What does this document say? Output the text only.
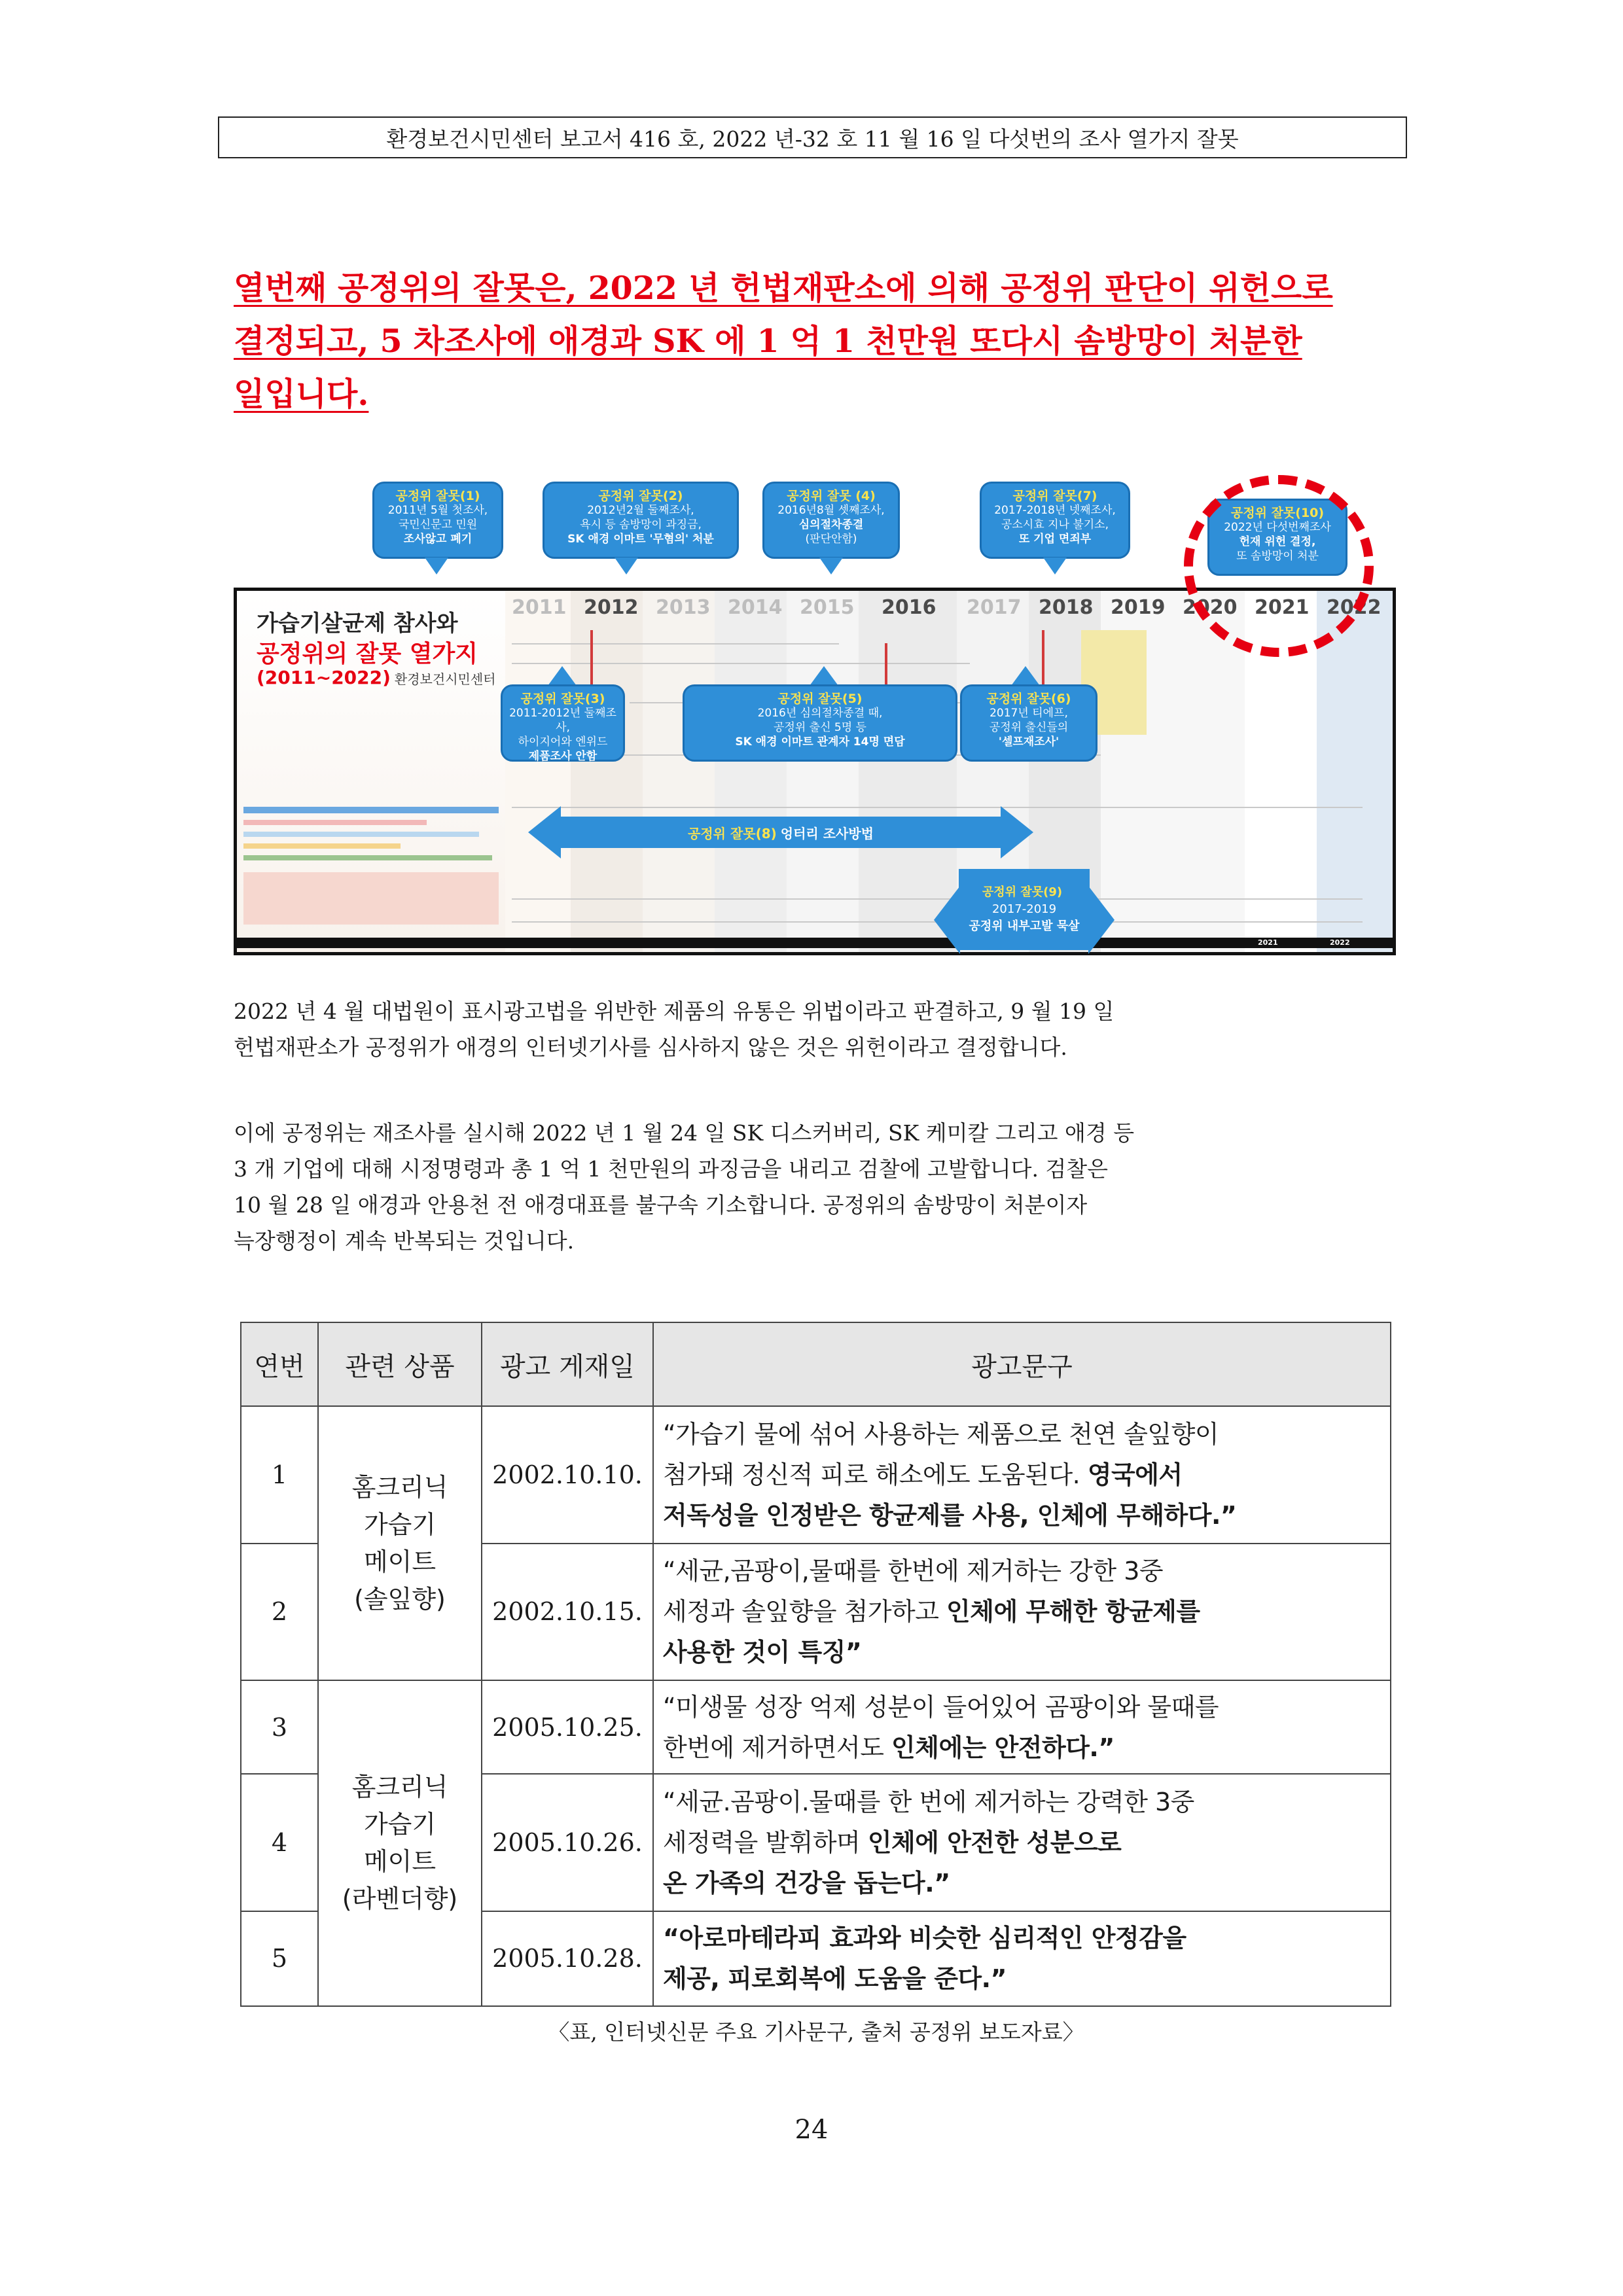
환경보건시민센터 보고서 416 호, 2022 년-32 호 11 월 16 일 다섯번의 조사 열가지 잘못
열번째 공정위의 잘못은, 2022 년 헌법재판소에 의해 공정위 판단이 위헌으로
결정되고, 5 차조사에 애경과 SK 에 1 억 1 천만원 또다시 솜방망이 처분한
일입니다.
가습기살균제 참사와
공정위의 잘못 열가지
(2011~2022) 환경보건시민센터
2011 2012 2013 2014 2015 2016 2017 2018 2019 2020 2021 2022
2021	2022
공정위 잘못(1)
2011년 5월 첫조사,
국민신문고 민원
조사않고 폐기
공정위 잘못(2)
2012년2월 둘째조사,
욕시 등 솜방망이 과징금,
SK 애경 이마트 '무혐의' 처분
공정위 잘못 (4)
2016년8월 셋째조사,
심의절차종결
(판단안함)
공정위 잘못(7)
2017-2018년 넷째조사,
공소시효 지나 불기소,
또 기업 면죄부
공정위 잘못(10)
2022년 다섯번째조사
헌재 위헌 결정,
또 솜방망이 처분
공정위 잘못(3)
2011-2012년 둘째조사,
하이지어와 엔위드
제품조사 안함
공정위 잘못(5)
2016년 심의절차종결 때,
공정위 출신 5명 등
SK 애경 이마트 관계자 14명 면담
공정위 잘못(6)
2017년 티에프,
공정위 출신들의
'셀프재조사'
공정위 잘못(8) 엉터리 조사방법
공정위 잘못(9)
2017-2019
공정위 내부고발 묵살
2022 년 4 월 대법원이 표시광고법을 위반한 제품의 유통은 위법이라고 판결하고, 9 월 19 일
헌법재판소가 공정위가 애경의 인터넷기사를 심사하지 않은 것은 위헌이라고 결정합니다.
이에 공정위는 재조사를 실시해 2022 년 1 월 24 일 SK 디스커버리, SK 케미칼 그리고 애경 등
3 개 기업에 대해 시정명령과 총 1 억 1 천만원의 과징금을 내리고 검찰에 고발합니다. 검찰은
10 월 28 일 애경과 안용천 전 애경대표를 불구속 기소합니다. 공정위의 솜방망이 처분이자
늑장행정이 계속 반복되는 것입니다.
연번	관련 상품	광고 게재일	광고문구
1	홈크리닉
가습기
메이트
(솔잎향)	2002.10.10.	“가습기 물에 섞어 사용하는 제품으로 천연 솔잎향이
첨가돼 정신적 피로 해소에도 도움된다. 영국에서
저독성을 인정받은 항균제를 사용, 인체에 무해하다.”
2		2002.10.15.	“세균,곰팡이,물때를 한번에 제거하는 강한 3중
세정과 솔잎향을 첨가하고 인체에 무해한 항균제를
사용한 것이 특징”
3	홈크리닉
가습기
메이트
(라벤더향)	2005.10.25.	“미생물 성장 억제 성분이 들어있어 곰팡이와 물때를
한번에 제거하면서도 인체에는 안전하다.”
4		2005.10.26.	“세균.곰팡이.물때를 한 번에 제거하는 강력한 3중
세정력을 발휘하며 인체에 안전한 성분으로
온 가족의 건강을 돕는다.”
5		2005.10.28.	“아로마테라피 효과와 비슷한 심리적인 안정감을
제공, 피로회복에 도움을 준다.”
〈표, 인터넷신문 주요 기사문구, 출처 공정위 보도자료〉
24
